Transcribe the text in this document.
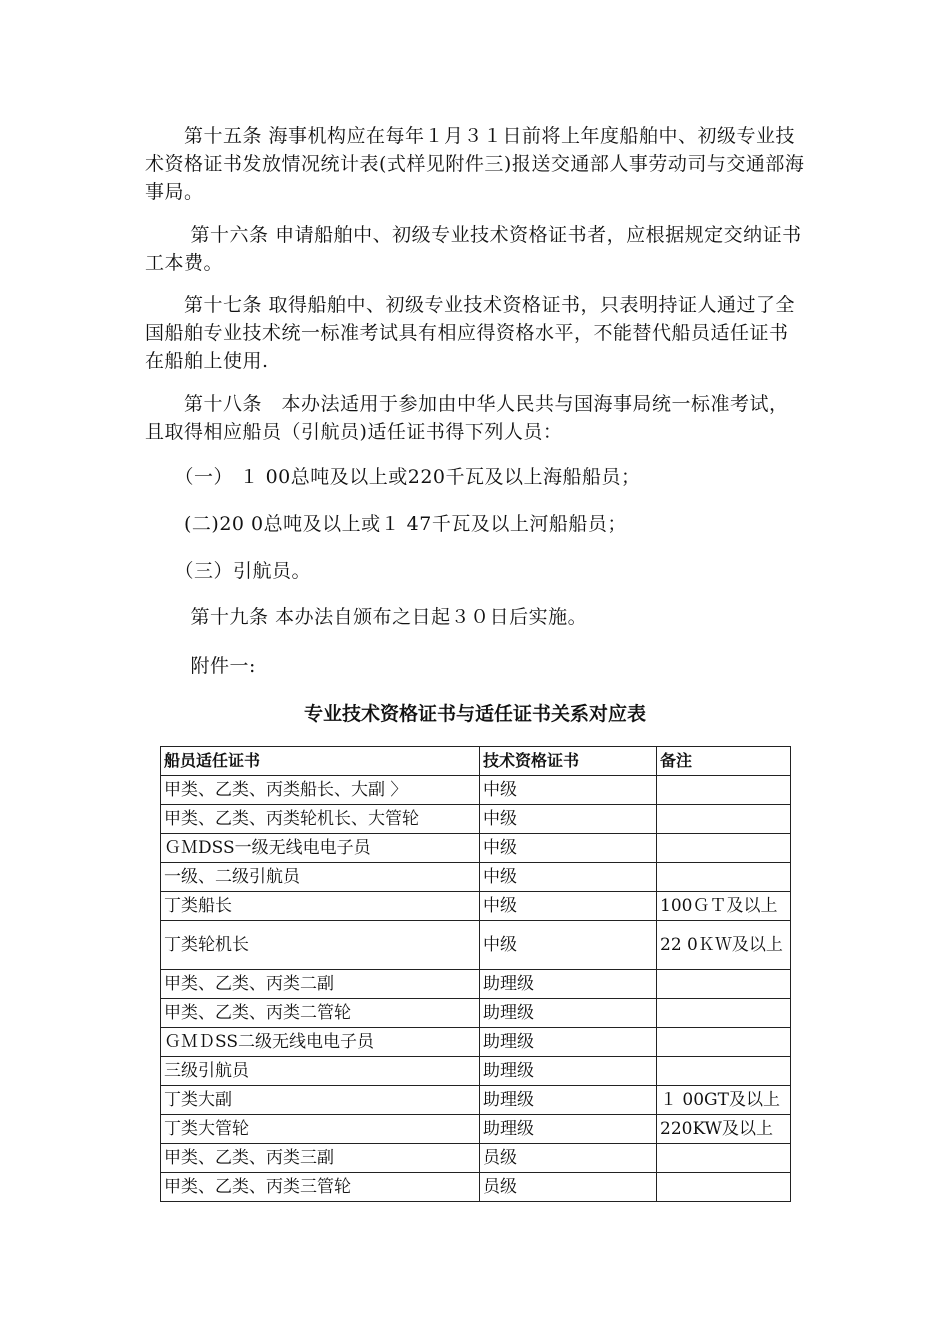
　　第十五条 海事机构应在每年１月３１日前将上年度船舶中、初级专业技术资格证书发放情况统计表(式样见附件三)报送交通部人事劳动司与交通部海事局。

　　 第十六条 申请船舶中、初级专业技术资格证书者，应根据规定交纳证书工本费。

　　第十七条 取得船舶中、初级专业技术资格证书，只表明持证人通过了全国船舶专业技术统一标准考试具有相应得资格水平，不能替代船员适任证书在船舶上使用.

　　第十八条　本办法适用于参加由中华人民共与国海事局统一标准考试，且取得相应船员（引航员)适任证书得下列人员：

　　（一） １ 00总吨及以上或220千瓦及以上海船船员；

　　(二)20 0总吨及以上或１ 47千瓦及以上河船船员；

　　（三）引航员。

　　 第十九条 本办法自颁布之日起３０日后实施。

　　 附件一:

专业技术资格证书与适任证书关系对应表
船员适任证书	技术资格证书	备注
甲类、乙类、丙类船长、大副 〉	中级	
甲类、乙类、丙类轮机长、大管轮	中级	
ＧＭDSS一级无线电电子员	中级	
一级、二级引航员	中级	
丁类船长	中级	100ＧＴ及以上
丁类轮机长	中级	22 0ＫＷ及以上
甲类、乙类、丙类二副	助理级	
甲类、乙类、丙类二管轮	助理级	
ＧＭＤSS二级无线电电子员	助理级	
三级引航员	助理级	
丁类大副	助理级	１ 00GT及以上
丁类大管轮	助理级	220KW及以上
甲类、乙类、丙类三副	员级	
甲类、乙类、丙类三管轮	员级	
